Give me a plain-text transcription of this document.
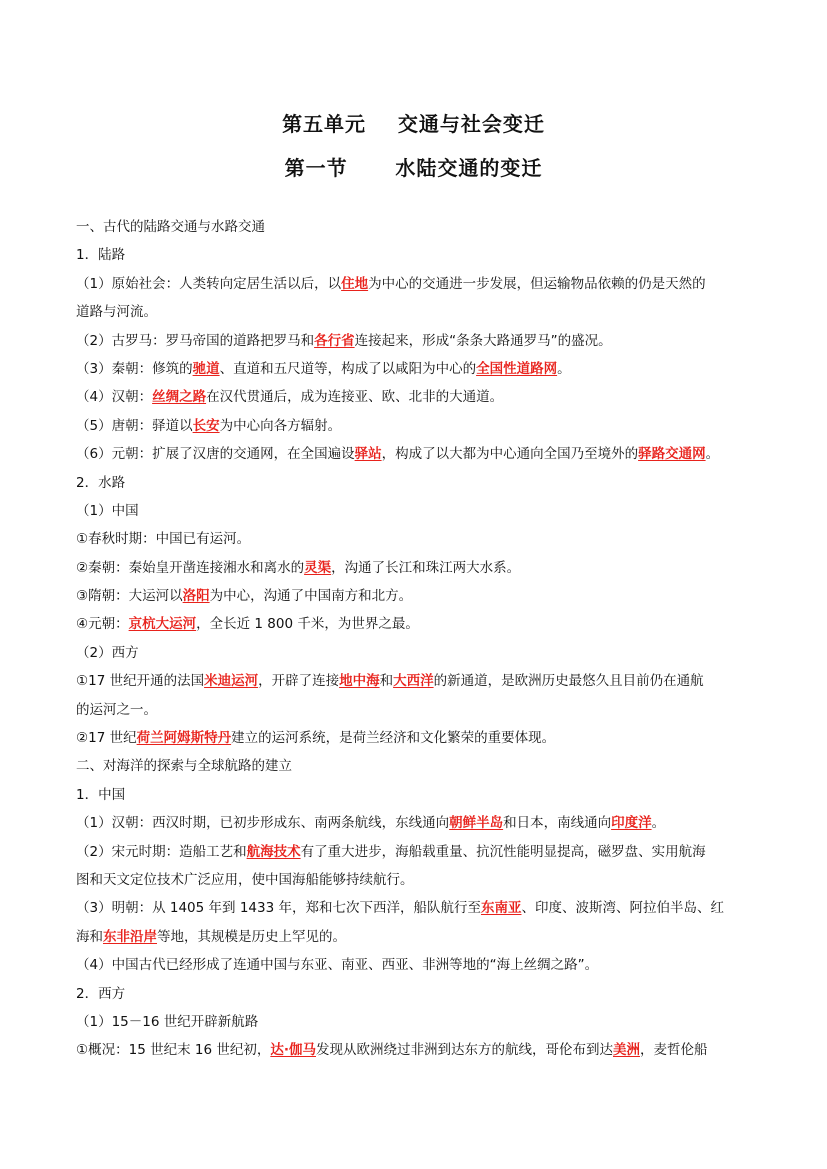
第五单元    交通与社会变迁
第一节      水陆交通的变迁
一、古代的陆路交通与水路交通
1．陆路
（1）原始社会：人类转向定居生活以后，以住地为中心的交通进一步发展，但运输物品依赖的仍是天然的
道路与河流。
（2）古罗马：罗马帝国的道路把罗马和各行省连接起来，形成“条条大路通罗马”的盛况。
（3）秦朝：修筑的驰道、直道和五尺道等，构成了以咸阳为中心的全国性道路网。
（4）汉朝：丝绸之路在汉代贯通后，成为连接亚、欧、北非的大通道。
（5）唐朝：驿道以长安为中心向各方辐射。
（6）元朝：扩展了汉唐的交通网，在全国遍设驿站，构成了以大都为中心通向全国乃至境外的驿路交通网。
2．水路
（1）中国
①春秋时期：中国已有运河。
②秦朝：秦始皇开凿连接湘水和离水的灵渠，沟通了长江和珠江两大水系。
③隋朝：大运河以洛阳为中心，沟通了中国南方和北方。
④元朝：京杭大运河，全长近 1 800 千米，为世界之最。
（2）西方
①17 世纪开通的法国米迪运河，开辟了连接地中海和大西洋的新通道，是欧洲历史最悠久且目前仍在通航
的运河之一。
②17 世纪荷兰阿姆斯特丹建立的运河系统，是荷兰经济和文化繁荣的重要体现。
二、对海洋的探索与全球航路的建立
1．中国
（1）汉朝：西汉时期，已初步形成东、南两条航线，东线通向朝鲜半岛和日本，南线通向印度洋。
（2）宋元时期：造船工艺和航海技术有了重大进步，海船载重量、抗沉性能明显提高，磁罗盘、实用航海
图和天文定位技术广泛应用，使中国海船能够持续航行。
（3）明朝：从 1405 年到 1433 年，郑和七次下西洋，船队航行至东南亚、印度、波斯湾、阿拉伯半岛、红
海和东非沿岸等地，其规模是历史上罕见的。
（4）中国古代已经形成了连通中国与东亚、南亚、西亚、非洲等地的“海上丝绸之路”。
2．西方
（1）15－16 世纪开辟新航路
①概况：15 世纪末 16 世纪初，达·伽马发现从欧洲绕过非洲到达东方的航线，哥伦布到达美洲，麦哲伦船
